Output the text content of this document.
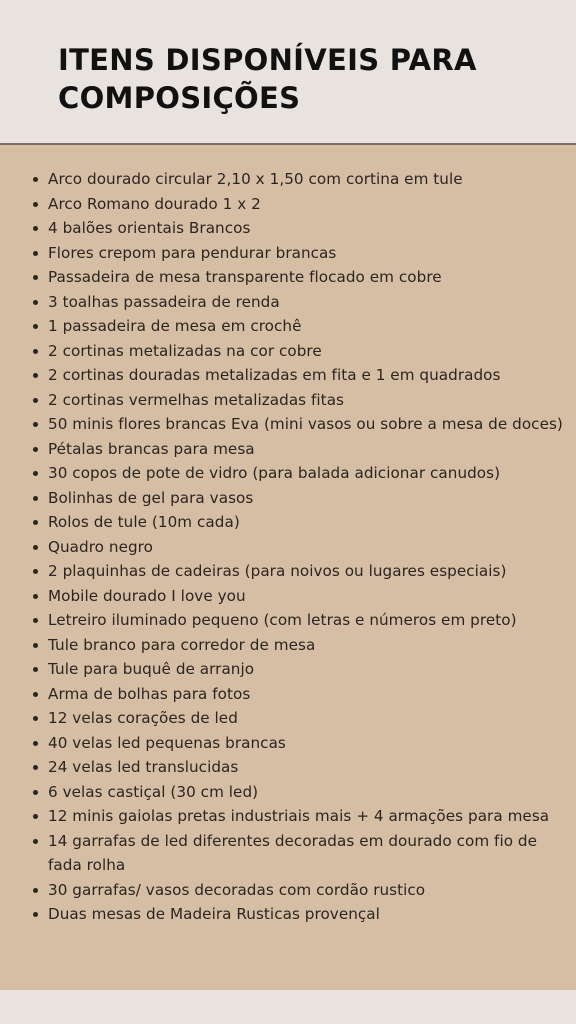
ITENS DISPONÍVEIS PARA
COMPOSIÇÕES
Arco dourado circular 2,10 x 1,50 com cortina em tule
Arco Romano dourado 1 x 2
4 balões orientais Brancos
Flores crepom para pendurar brancas
Passadeira de mesa transparente flocado em cobre
3 toalhas passadeira de renda
1 passadeira de mesa em crochê
2 cortinas metalizadas na cor cobre
2 cortinas douradas metalizadas em fita e 1 em quadrados
2 cortinas vermelhas metalizadas fitas
50 minis flores brancas Eva (mini vasos ou sobre a mesa de doces)
Pétalas brancas para mesa
30 copos de pote de vidro (para balada adicionar canudos)
Bolinhas de gel para vasos
Rolos de tule (10m cada)
Quadro negro
2 plaquinhas de cadeiras (para noivos ou lugares especiais)
Mobile dourado I love you
Letreiro iluminado pequeno (com letras e números em preto)
Tule branco para corredor de mesa
Tule para buquê de arranjo
Arma de bolhas para fotos
12 velas corações de led
40 velas led pequenas brancas
24 velas led translucidas
6 velas castiçal (30 cm led)
12 minis gaiolas pretas industriais mais + 4 armações para mesa
14 garrafas de led diferentes decoradas em dourado com fio de fada rolha
30 garrafas/ vasos decoradas com cordão rustico
Duas mesas de Madeira Rusticas provençal
